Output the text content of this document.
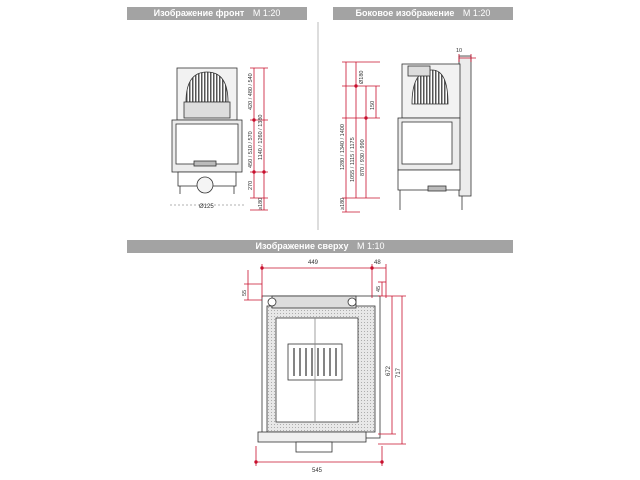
Изображение фронт M 1:20	Боковое изображение M 1:20
Изображение сверху M 1:10
420 / 480 / 540
450 / 510 / 570 1140 / 1260 / 1380
270
≥180
Ø125
10
Ø180
150
1280 / 1340 / 1400 1055 / 1115 / 1175 870 / 930 / 990
≥180
449	48
55
45
672 717
545
